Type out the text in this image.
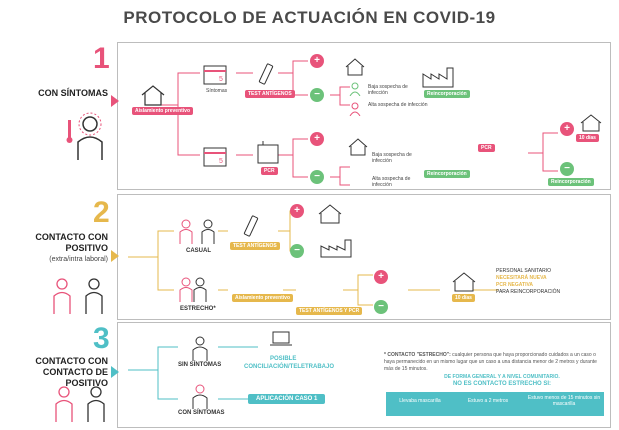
PROTOCOLO DE ACTUACIÓN EN COVID-19
1
CON SÍNTOMAS
Aislamiento preventivo
5
Síntomas	TEST ANTÍGENOS
+
−
Baja sospecha de infección
Alta sospecha de infección
Reincorporación
5
PCR
+
−
Baja sospecha de infección
Alta sospecha de infección
Reincorporación
PCR
+
−
10 días
Reincorporación
2
CONTACTO CON
POSITIVO
(extra/intra laboral)
CASUAL
TEST ANTÍGENOS
+
−
ESTRECHO*
Aislamiento preventivo
TEST ANTÍGENOS Y PCR
+
−
10 días
PERSONAL SANITARIO
NECESITARÁ NUEVA
PCR NEGATIVA
PARA REINCORPORACIÓN
3
CONTACTO CON
CONTACTO DE POSITIVO
SIN SÍNTOMAS
CON SÍNTOMAS
POSIBLE
CONCILIACIÓN/TELETRABAJO
APLICACIÓN CASO 1
* CONTACTO "ESTRECHO": cualquier persona que haya proporcionado cuidados a un caso o haya permanecido en un mismo lugar que un caso a una distancia menor de 2 metros y durante más de 15 minutos.
DE FORMA GENERAL Y A NIVEL COMUNITARIO.
NO ES CONTACTO ESTRECHO SI:
Llevaba mascarilla	Estuvo a 2 metros	Estuvo menos de 15 minutos sin mascarilla
